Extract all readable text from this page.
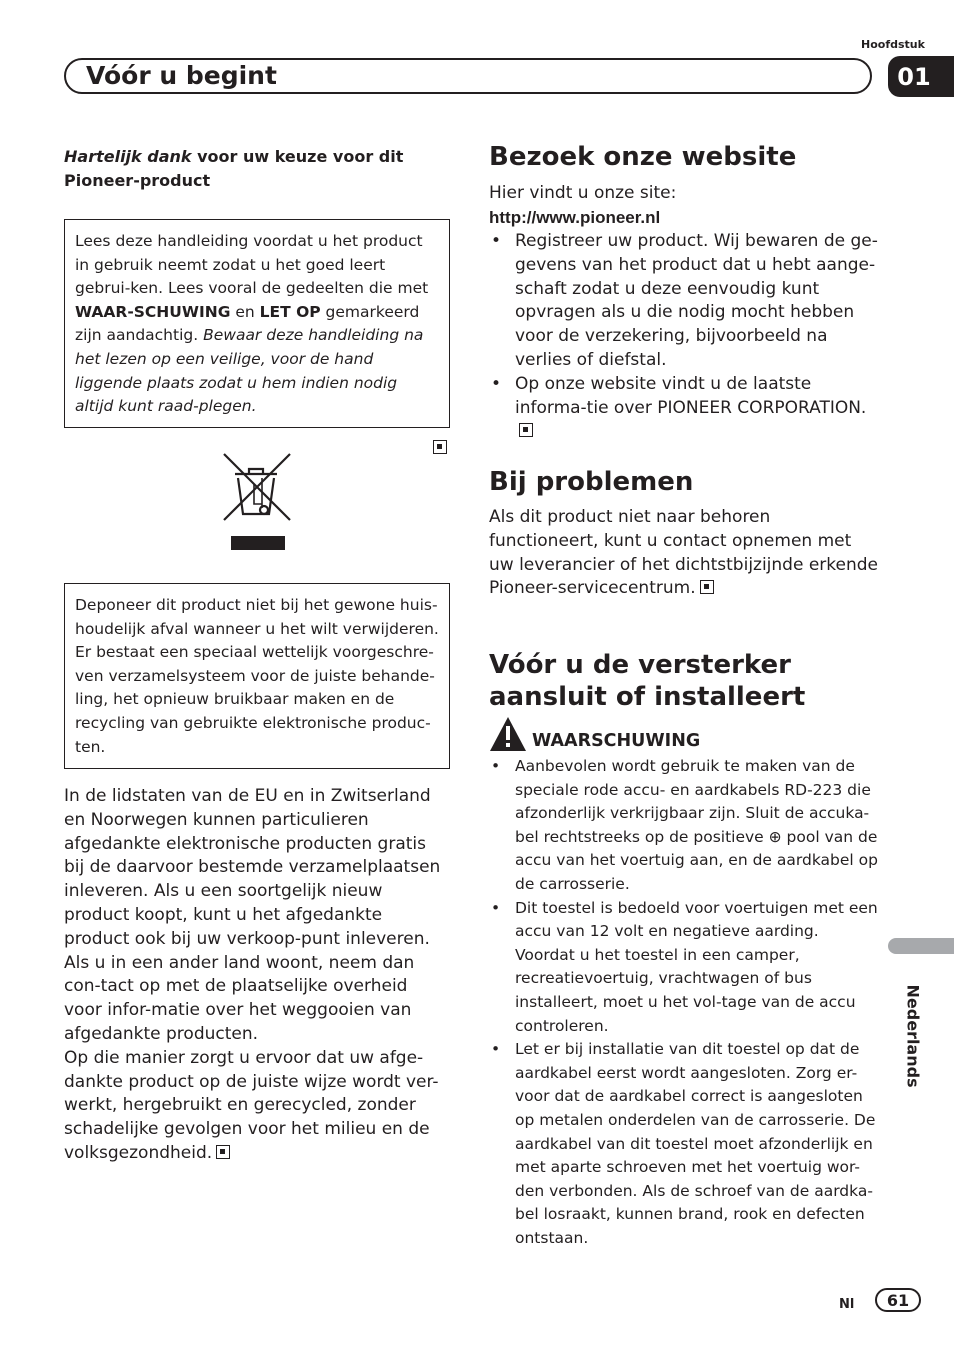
Hoofdstuk
Vóór u begint	01
Hartelijk dank voor uw keuze voor dit Pioneer-product
Lees deze handleiding voordat u het product in gebruik neemt zodat u het goed leert gebrui-ken. Lees vooral de gedeelten die met WAAR-SCHUWING en LET OP gemarkeerd zijn aandachtig. Bewaar deze handleiding na het lezen op een veilige, voor de hand liggende plaats zodat u hem indien nodig altijd kunt raad-plegen.
Deponeer dit product niet bij het gewone huis-houdelijk afval wanneer u het wilt verwijderen. Er bestaat een speciaal wettelijk voorgeschre-ven verzamelsysteem voor de juiste behande-ling, het opnieuw bruikbaar maken en de recycling van gebruikte elektronische produc-ten.

In de lidstaten van de EU en in Zwitserland en Noorwegen kunnen particulieren afgedankte elektronische producten gratis bij de daarvoor bestemde verzamelplaatsen inleveren. Als u een soortgelijk nieuw product koopt, kunt u het afgedankte product ook bij uw verkoop-punt inleveren.

Als u in een ander land woont, neem dan con-tact op met de plaatselijke overheid voor infor-matie over het weggooien van afgedankte producten.

Op die manier zorgt u ervoor dat uw afge-dankte product op de juiste wijze wordt ver-werkt, hergebruikt en gerecycled, zonder schadelijke gevolgen voor het milieu en de volksgezondheid.

Bezoek onze website
Hier vindt u onze site:
http://www.pioneer.nl
• Registreer uw product. Wij bewaren de ge-gevens van het product dat u hebt aange-schaft zodat u deze eenvoudig kunt opvragen als u die nodig mocht hebben voor de verzekering, bijvoorbeeld na verlies of diefstal.
• Op onze website vindt u de laatste informa-tie over PIONEER CORPORATION.
Bij problemen
Als dit product niet naar behoren functioneert, kunt u contact opnemen met uw leverancier of het dichtstbijzijnde erkende Pioneer-servicecentrum.
Vóór u de versterker aansluit of installeert
WAARSCHUWING
• Aanbevolen wordt gebruik te maken van de speciale rode accu- en aardkabels RD-223 die afzonderlijk verkrijgbaar zijn. Sluit de accuka-bel rechtstreeks op de positieve ⊕ pool van de accu van het voertuig aan, en de aardkabel op de carrosserie.
• Dit toestel is bedoeld voor voertuigen met een accu van 12 volt en negatieve aarding. Voordat u het toestel in een camper, recreatievoertuig, vrachtwagen of bus installeert, moet u het vol-tage van de accu controleren.
• Let er bij installatie van dit toestel op dat de aardkabel eerst wordt aangesloten. Zorg er-voor dat de aardkabel correct is aangesloten op metalen onderdelen van de carrosserie. De aardkabel van dit toestel moet afzonderlijk en met aparte schroeven met het voertuig wor-den verbonden. Als de schroef van de aardka-bel losraakt, kunnen brand, rook en defecten ontstaan.
Nederlands
Nl	61
